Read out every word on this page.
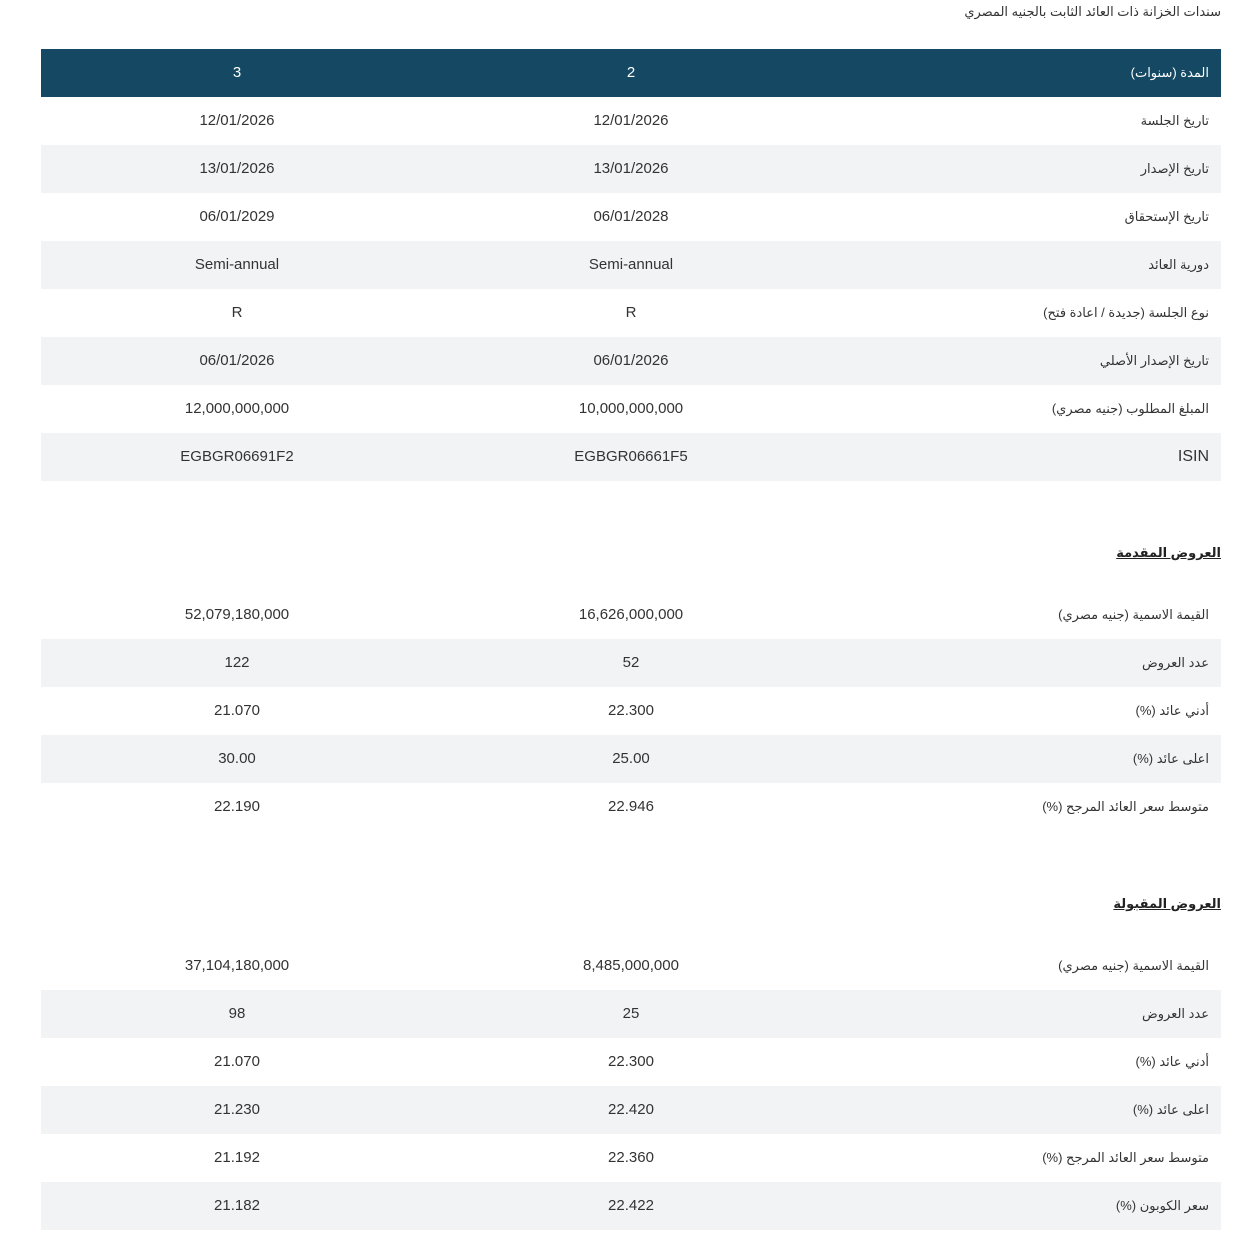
سندات الخزانة ذات العائد الثابت بالجنيه المصري
المدة (سنوات)
2
3
تاريخ الجلسة
12/01/2026
12/01/2026
تاريخ الإصدار
13/01/2026
13/01/2026
تاريخ الإستحقاق
06/01/2028
06/01/2029
دورية العائد
Semi-annual
Semi-annual
نوع الجلسة (جديدة / اعادة فتح)
R
R
تاريخ الإصدار الأصلي
06/01/2026
06/01/2026
المبلغ المطلوب (جنيه مصري)
10,000,000,000
12,000,000,000
ISIN
EGBGR06661F5
EGBGR06691F2
العروض المقدمة
القيمة الاسمية (جنيه مصري)
16,626,000,000
52,079,180,000
عدد العروض
52
122
أدني عائد (%)
22.300
21.070
اعلى عائد (%)
25.00
30.00
متوسط سعر العائد المرجح (%)
22.946
22.190
العروض المقبولة
القيمة الاسمية (جنيه مصري)
8,485,000,000
37,104,180,000
عدد العروض
25
98
أدني عائد (%)
22.300
21.070
اعلى عائد (%)
22.420
21.230
متوسط سعر العائد المرجح (%)
22.360
21.192
سعر الكوبون (%)
22.422
21.182
